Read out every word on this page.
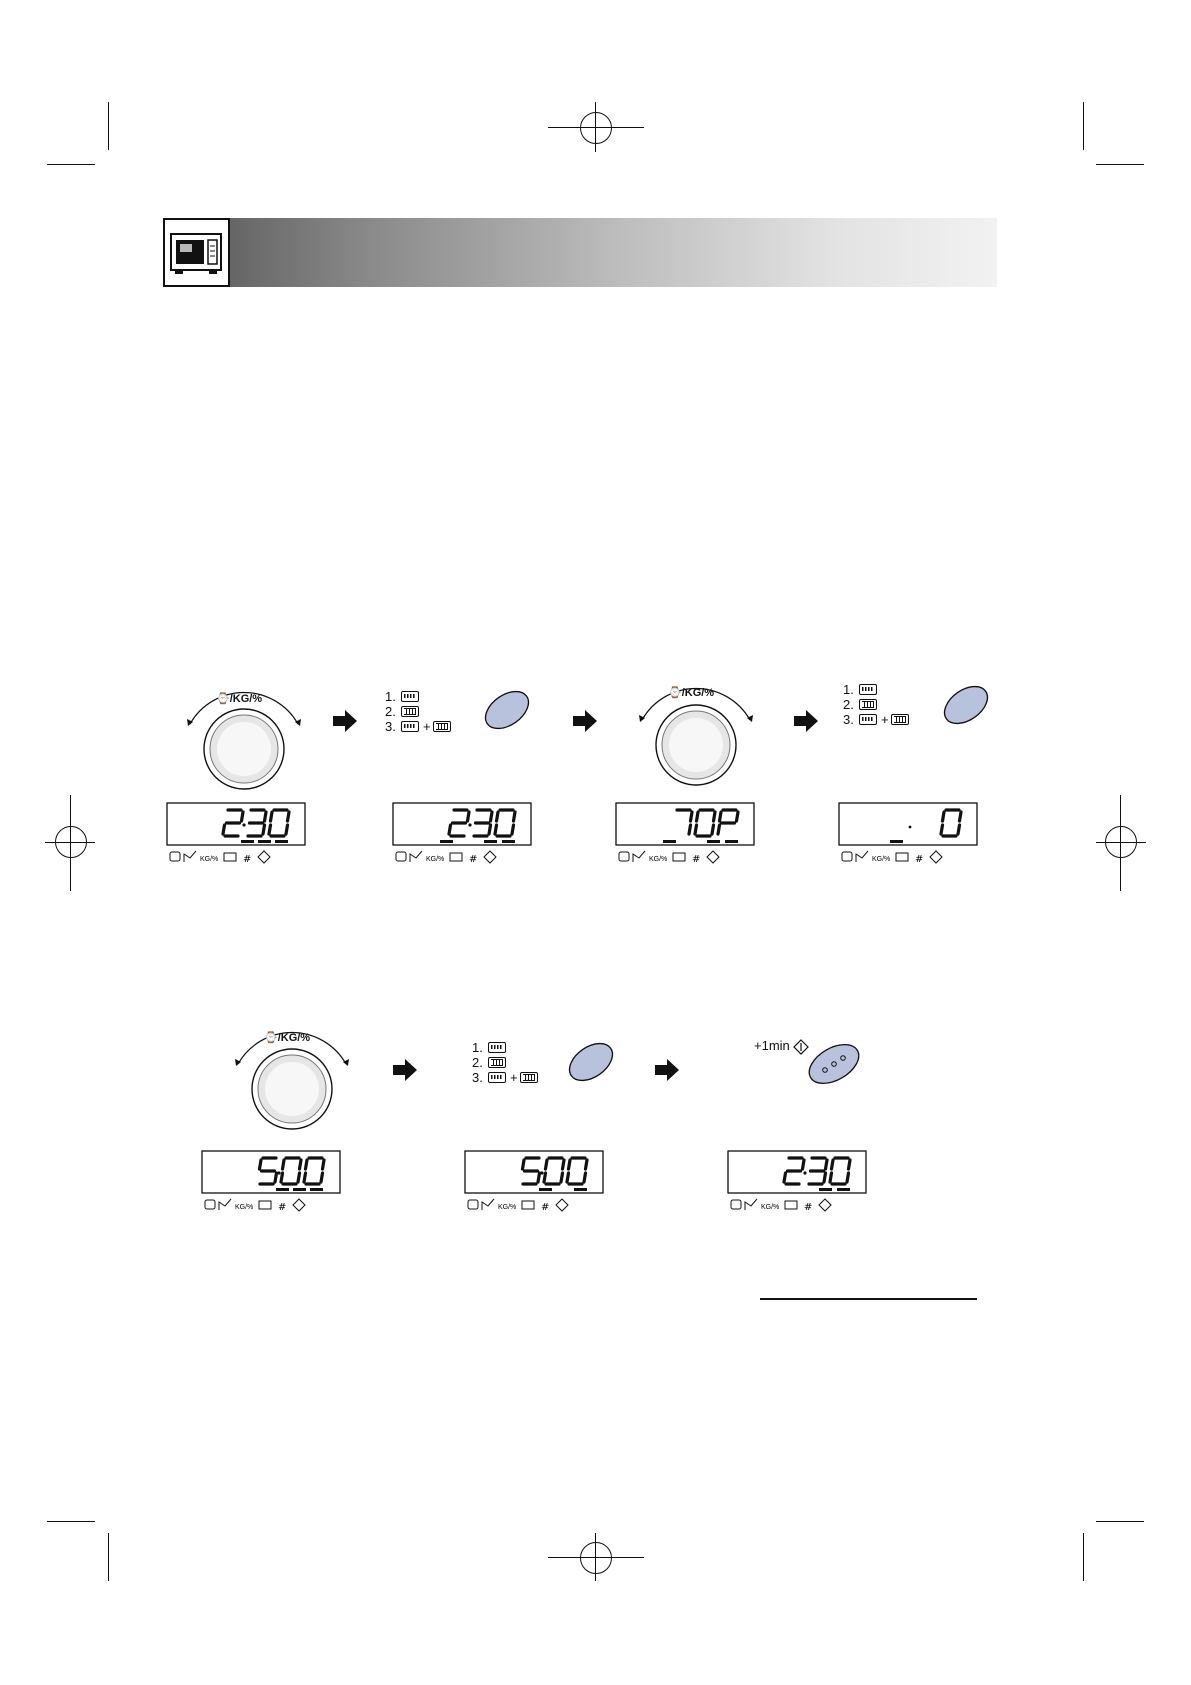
⌚/KG/%	1.
2.
3.	+
⌚/KG/%	1.
2.
3.	+
⌚/KG/%
1.
2.
3.	+
+1min
KG/% #	KG/% #	KG/% #	KG/% #
KG/% #	KG/% #	KG/% #
